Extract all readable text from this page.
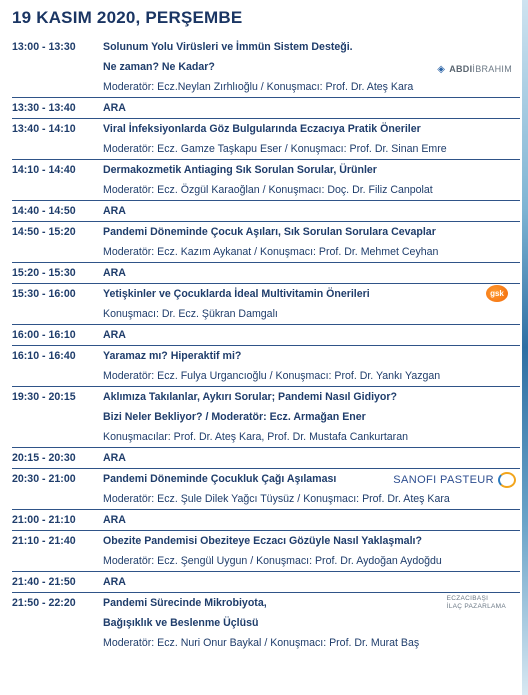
19 KASIM 2020, PERŞEMBE
13:00 - 13:30	Solunum Yolu Virüsleri ve İmmün Sistem Desteği.
Ne zaman? Ne Kadar?	◈ ABDIİBRAHIM
Moderatör: Ecz.Neylan Zırhlıoğlu / Konuşmacı: Prof. Dr. Ateş Kara
13:30 - 13:40	ARA
13:40 - 14:10	Viral İnfeksiyonlarda Göz Bulgularında Eczacıya Pratik Öneriler
Moderatör: Ecz. Gamze Taşkapu Eser / Konuşmacı: Prof. Dr. Sinan Emre
14:10 - 14:40	Dermakozmetik Antiaging Sık Sorulan Sorular, Ürünler
Moderatör: Ecz. Özgül Karaoğlan / Konuşmacı: Doç. Dr. Filiz Canpolat
14:40 - 14:50	ARA
14:50 - 15:20	Pandemi Döneminde Çocuk Aşıları, Sık Sorulan Sorulara Cevaplar
Moderatör: Ecz. Kazım Aykanat / Konuşmacı: Prof. Dr. Mehmet Ceyhan
15:20 - 15:30	ARA
15:30 - 16:00	Yetişkinler ve Çocuklarda İdeal Multivitamin Önerileri	gsk
Konuşmacı: Dr. Ecz. Şükran Damgalı
16:00 - 16:10	ARA
16:10 - 16:40	Yaramaz mı? Hiperaktif mi?
Moderatör: Ecz. Fulya Urgancıoğlu / Konuşmacı: Prof. Dr. Yankı Yazgan
19:30 - 20:15	Aklımıza Takılanlar, Aykırı Sorular; Pandemi Nasıl Gidiyor?
Bizi Neler Bekliyor? / Moderatör: Ecz. Armağan Ener
Konuşmacılar: Prof. Dr. Ateş Kara, Prof. Dr. Mustafa Cankurtaran
20:15 - 20:30	ARA
20:30 - 21:00	Pandemi Döneminde Çocukluk Çağı Aşılaması	SANOFI PASTEUR
Moderatör: Ecz. Şule Dilek Yağcı Tüysüz / Konuşmacı: Prof. Dr. Ateş Kara
21:00 - 21:10	ARA
21:10 - 21:40	Obezite Pandemisi Obeziteye Eczacı Gözüyle Nasıl Yaklaşmalı?
Moderatör: Ecz. Şengül Uygun / Konuşmacı: Prof. Dr. Aydoğan Aydoğdu
21:40 - 21:50	ARA
21:50 - 22:20	Pandemi Sürecinde Mikrobiyota,	ECZACIBAŞI
İLAÇ PAZARLAMA
Bağışıklık ve Beslenme Üçlüsü
Moderatör: Ecz. Nuri Onur Baykal / Konuşmacı: Prof. Dr. Murat Baş
